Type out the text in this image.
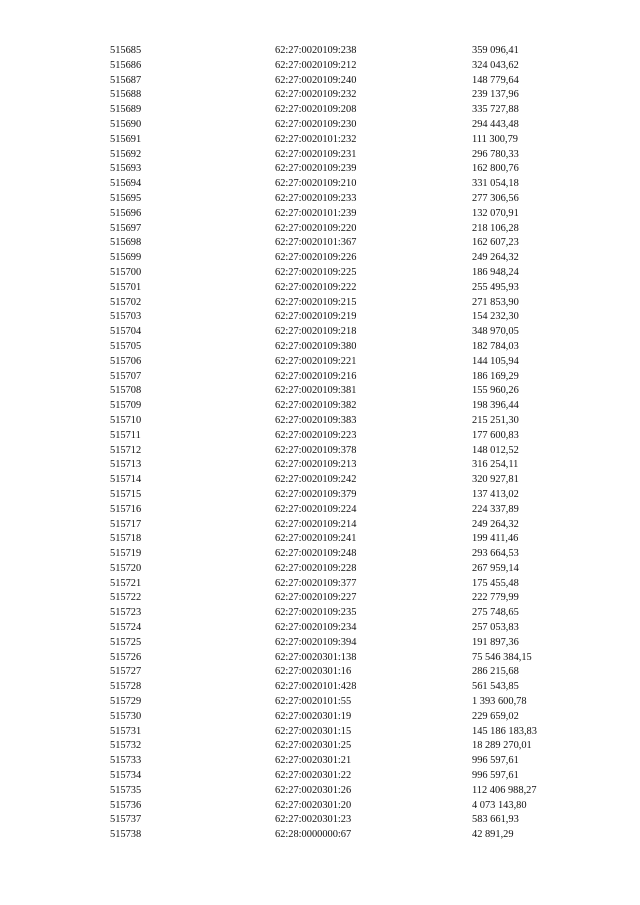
515685	62:27:0020109:238	359 096,41
515686	62:27:0020109:212	324 043,62
515687	62:27:0020109:240	148 779,64
515688	62:27:0020109:232	239 137,96
515689	62:27:0020109:208	335 727,88
515690	62:27:0020109:230	294 443,48
515691	62:27:0020101:232	111 300,79
515692	62:27:0020109:231	296 780,33
515693	62:27:0020109:239	162 800,76
515694	62:27:0020109:210	331 054,18
515695	62:27:0020109:233	277 306,56
515696	62:27:0020101:239	132 070,91
515697	62:27:0020109:220	218 106,28
515698	62:27:0020101:367	162 607,23
515699	62:27:0020109:226	249 264,32
515700	62:27:0020109:225	186 948,24
515701	62:27:0020109:222	255 495,93
515702	62:27:0020109:215	271 853,90
515703	62:27:0020109:219	154 232,30
515704	62:27:0020109:218	348 970,05
515705	62:27:0020109:380	182 784,03
515706	62:27:0020109:221	144 105,94
515707	62:27:0020109:216	186 169,29
515708	62:27:0020109:381	155 960,26
515709	62:27:0020109:382	198 396,44
515710	62:27:0020109:383	215 251,30
515711	62:27:0020109:223	177 600,83
515712	62:27:0020109:378	148 012,52
515713	62:27:0020109:213	316 254,11
515714	62:27:0020109:242	320 927,81
515715	62:27:0020109:379	137 413,02
515716	62:27:0020109:224	224 337,89
515717	62:27:0020109:214	249 264,32
515718	62:27:0020109:241	199 411,46
515719	62:27:0020109:248	293 664,53
515720	62:27:0020109:228	267 959,14
515721	62:27:0020109:377	175 455,48
515722	62:27:0020109:227	222 779,99
515723	62:27:0020109:235	275 748,65
515724	62:27:0020109:234	257 053,83
515725	62:27:0020109:394	191 897,36
515726	62:27:0020301:138	75 546 384,15
515727	62:27:0020301:16	286 215,68
515728	62:27:0020101:428	561 543,85
515729	62:27:0020101:55	1 393 600,78
515730	62:27:0020301:19	229 659,02
515731	62:27:0020301:15	145 186 183,83
515732	62:27:0020301:25	18 289 270,01
515733	62:27:0020301:21	996 597,61
515734	62:27:0020301:22	996 597,61
515735	62:27:0020301:26	112 406 988,27
515736	62:27:0020301:20	4 073 143,80
515737	62:27:0020301:23	583 661,93
515738	62:28:0000000:67	42 891,29
